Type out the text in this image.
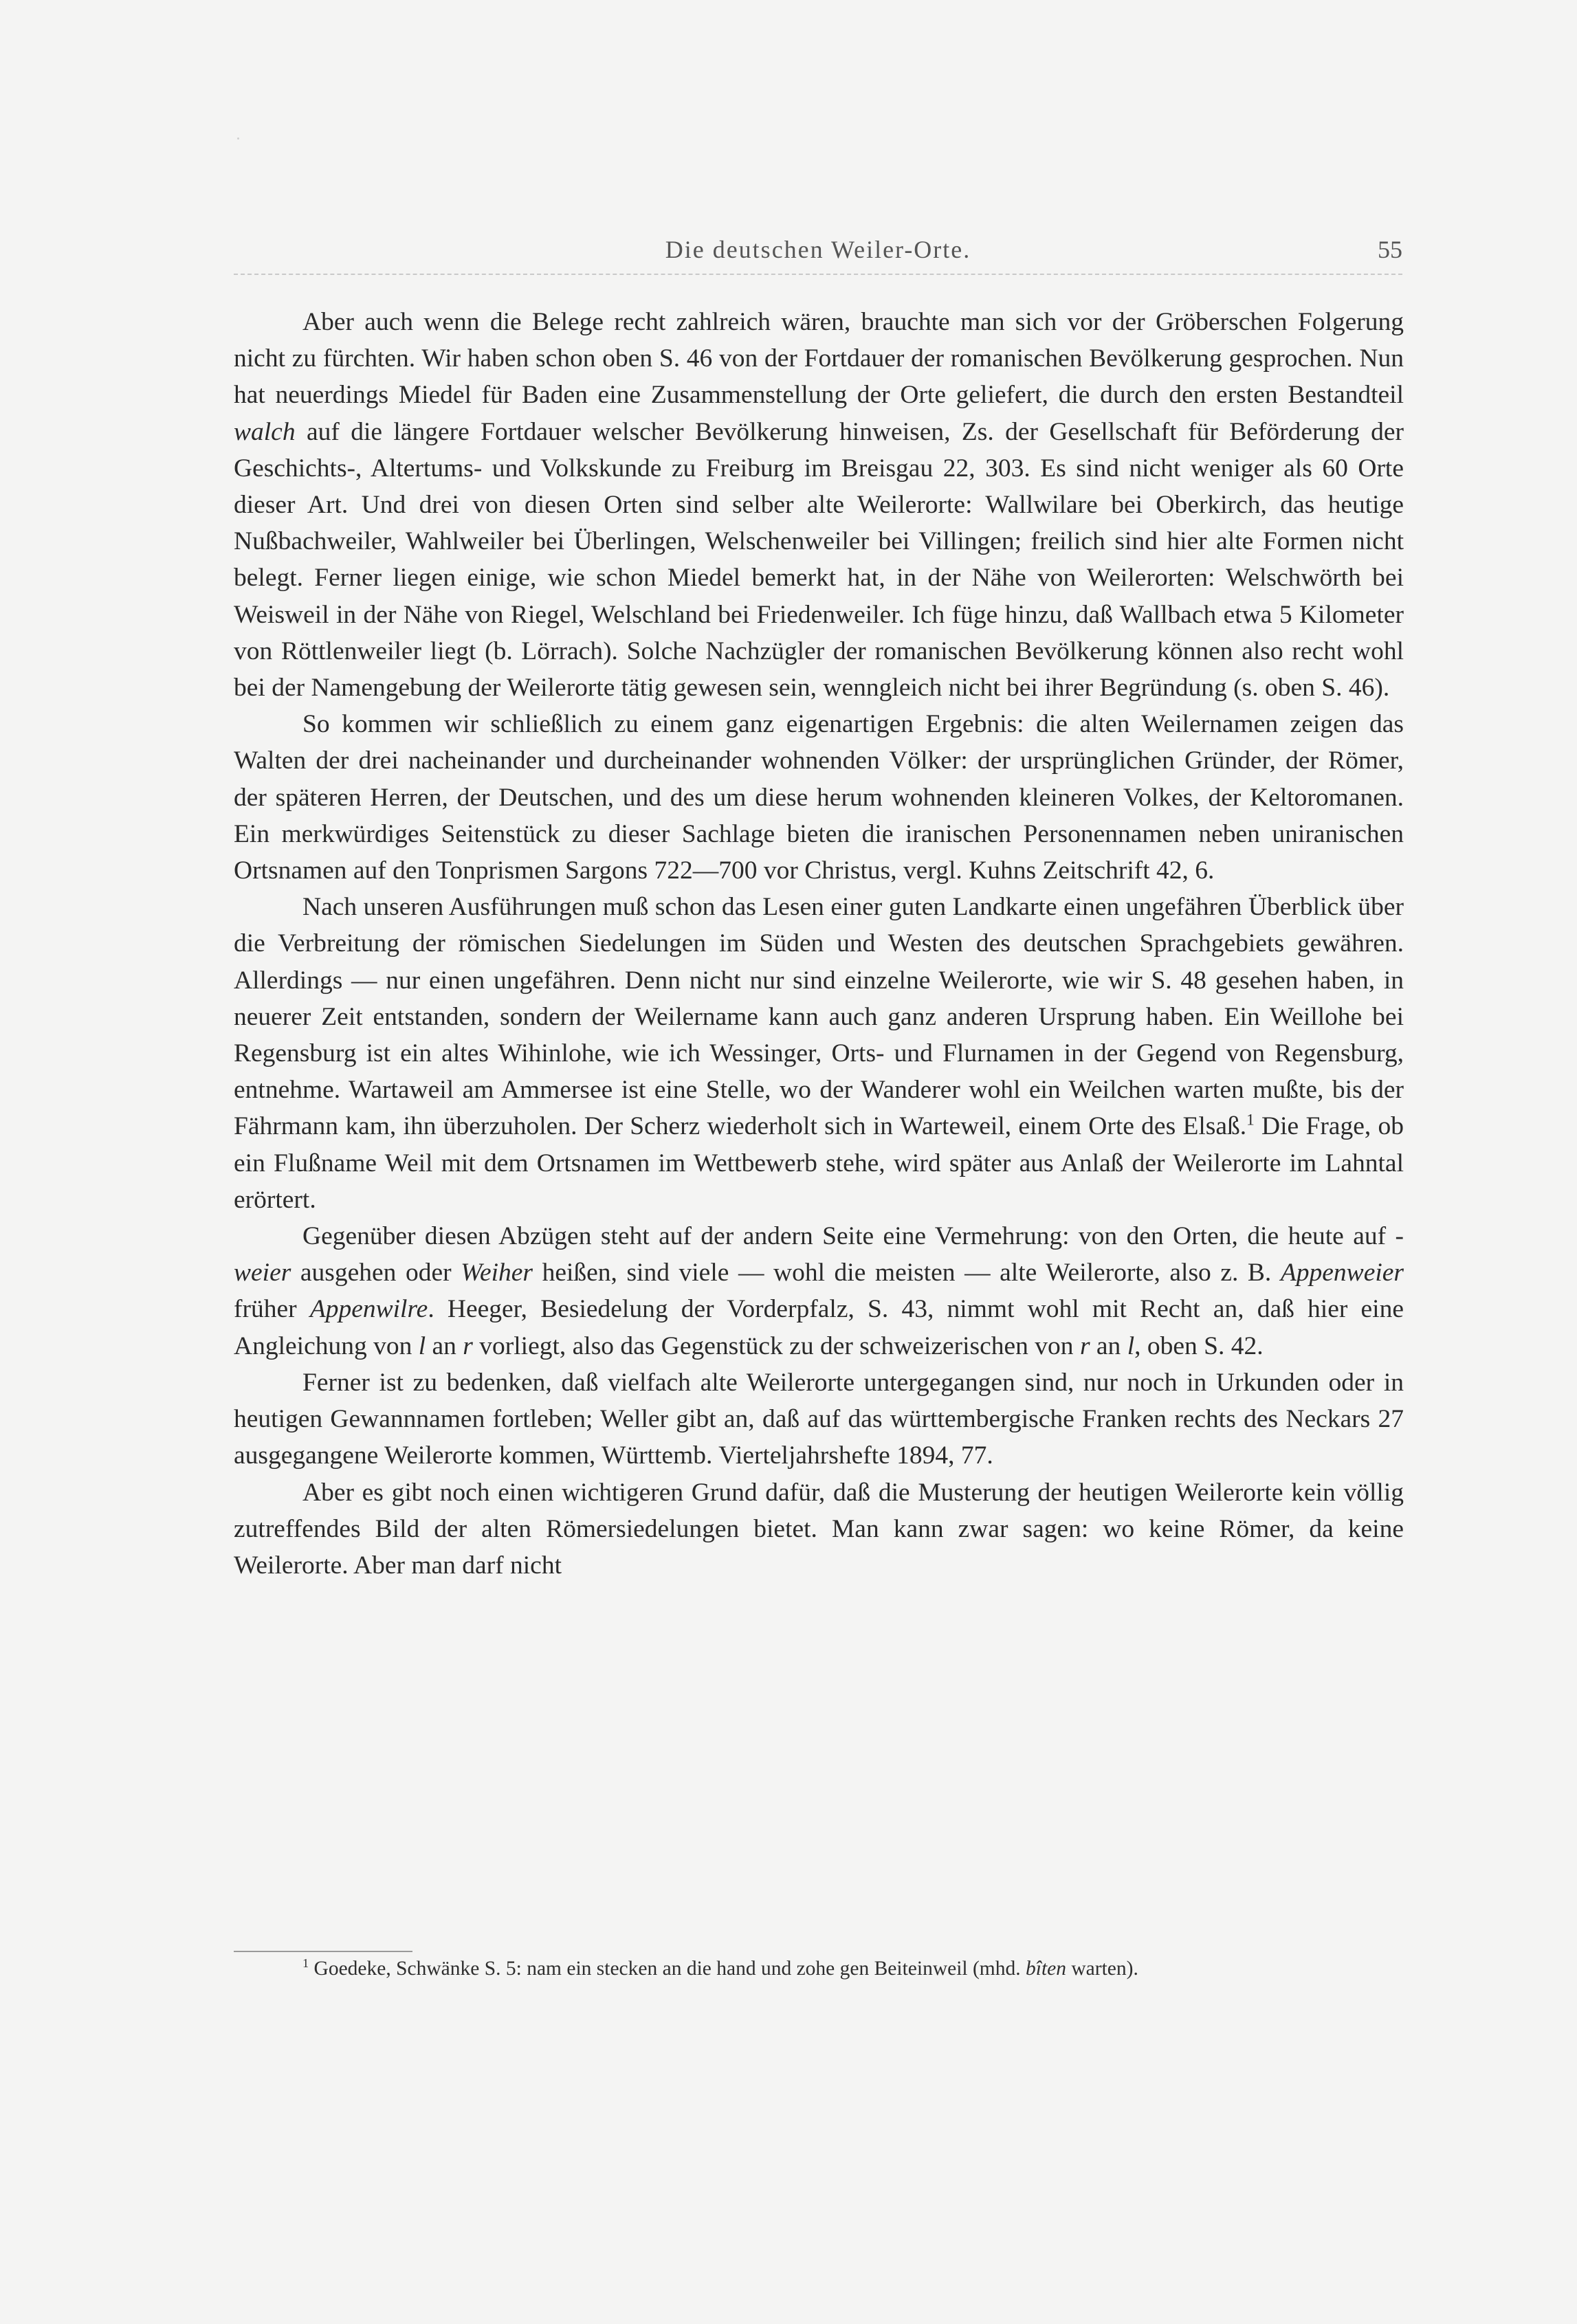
Die deutschen Weiler-Orte.	55

Aber auch wenn die Belege recht zahlreich wären, brauchte man sich vor der Gröberschen Folgerung nicht zu fürchten. Wir haben schon oben S. 46 von der Fortdauer der romanischen Bevölkerung gesprochen. Nun hat neuerdings Miedel für Baden eine Zusammenstellung der Orte geliefert, die durch den ersten Bestandteil walch auf die längere Fortdauer welscher Bevölkerung hinweisen, Zs. der Gesellschaft für Beförderung der Geschichts-, Altertums- und Volkskunde zu Freiburg im Breisgau 22, 303. Es sind nicht weniger als 60 Orte dieser Art. Und drei von diesen Orten sind selber alte Weilerorte: Wallwilare bei Oberkirch, das heutige Nußbachweiler, Wahlweiler bei Überlingen, Welschenweiler bei Villingen; freilich sind hier alte Formen nicht belegt. Ferner liegen einige, wie schon Miedel bemerkt hat, in der Nähe von Weilerorten: Welschwörth bei Weisweil in der Nähe von Riegel, Welschland bei Friedenweiler. Ich füge hinzu, daß Wallbach etwa 5 Kilometer von Röttlenweiler liegt (b. Lörrach). Solche Nachzügler der romanischen Bevölkerung können also recht wohl bei der Namengebung der Weilerorte tätig gewesen sein, wenngleich nicht bei ihrer Begründung (s. oben S. 46).

So kommen wir schließlich zu einem ganz eigenartigen Ergebnis: die alten Weilernamen zeigen das Walten der drei nacheinander und durcheinander wohnenden Völker: der ursprünglichen Gründer, der Römer, der späteren Herren, der Deutschen, und des um diese herum wohnenden kleineren Volkes, der Keltoromanen. Ein merkwürdiges Seitenstück zu dieser Sachlage bieten die iranischen Personennamen neben uniranischen Ortsnamen auf den Tonprismen Sargons 722—700 vor Christus, vergl. Kuhns Zeitschrift 42, 6.

Nach unseren Ausführungen muß schon das Lesen einer guten Landkarte einen ungefähren Überblick über die Verbreitung der römischen Siedelungen im Süden und Westen des deutschen Sprachgebiets gewähren. Allerdings — nur einen ungefähren. Denn nicht nur sind einzelne Weilerorte, wie wir S. 48 gesehen haben, in neuerer Zeit entstanden, sondern der Weilername kann auch ganz anderen Ursprung haben. Ein Weillohe bei Regensburg ist ein altes Wihinlohe, wie ich Wessinger, Orts- und Flurnamen in der Gegend von Regensburg, entnehme. Wartaweil am Ammersee ist eine Stelle, wo der Wanderer wohl ein Weilchen warten mußte, bis der Fährmann kam, ihn überzuholen. Der Scherz wiederholt sich in Warteweil, einem Orte des Elsaß.$^1$ Die Frage, ob ein Flußname Weil mit dem Ortsnamen im Wettbewerb stehe, wird später aus Anlaß der Weilerorte im Lahntal erörtert.

Gegenüber diesen Abzügen steht auf der andern Seite eine Vermehrung: von den Orten, die heute auf -weier ausgehen oder Weiher heißen, sind viele — wohl die meisten — alte Weilerorte, also z. B. Appenweier früher Appenwilre. Heeger, Besiedelung der Vorderpfalz, S. 43, nimmt wohl mit Recht an, daß hier eine Angleichung von l an r vorliegt, also das Gegenstück zu der schweizerischen von r an l, oben S. 42.

Ferner ist zu bedenken, daß vielfach alte Weilerorte untergegangen sind, nur noch in Urkunden oder in heutigen Gewannnamen fortleben; Weller gibt an, daß auf das württembergische Franken rechts des Neckars 27 ausgegangene Weilerorte kommen, Württemb. Vierteljahrshefte 1894, 77.

Aber es gibt noch einen wichtigeren Grund dafür, daß die Musterung der heutigen Weilerorte kein völlig zutreffendes Bild der alten Römersiedelungen bietet. Man kann zwar sagen: wo keine Römer, da keine Weilerorte. Aber man darf nicht

$^1$ Goedeke, Schwänke S. 5: nam ein stecken an die hand und zohe gen Beiteinweil (mhd. bîten warten).
